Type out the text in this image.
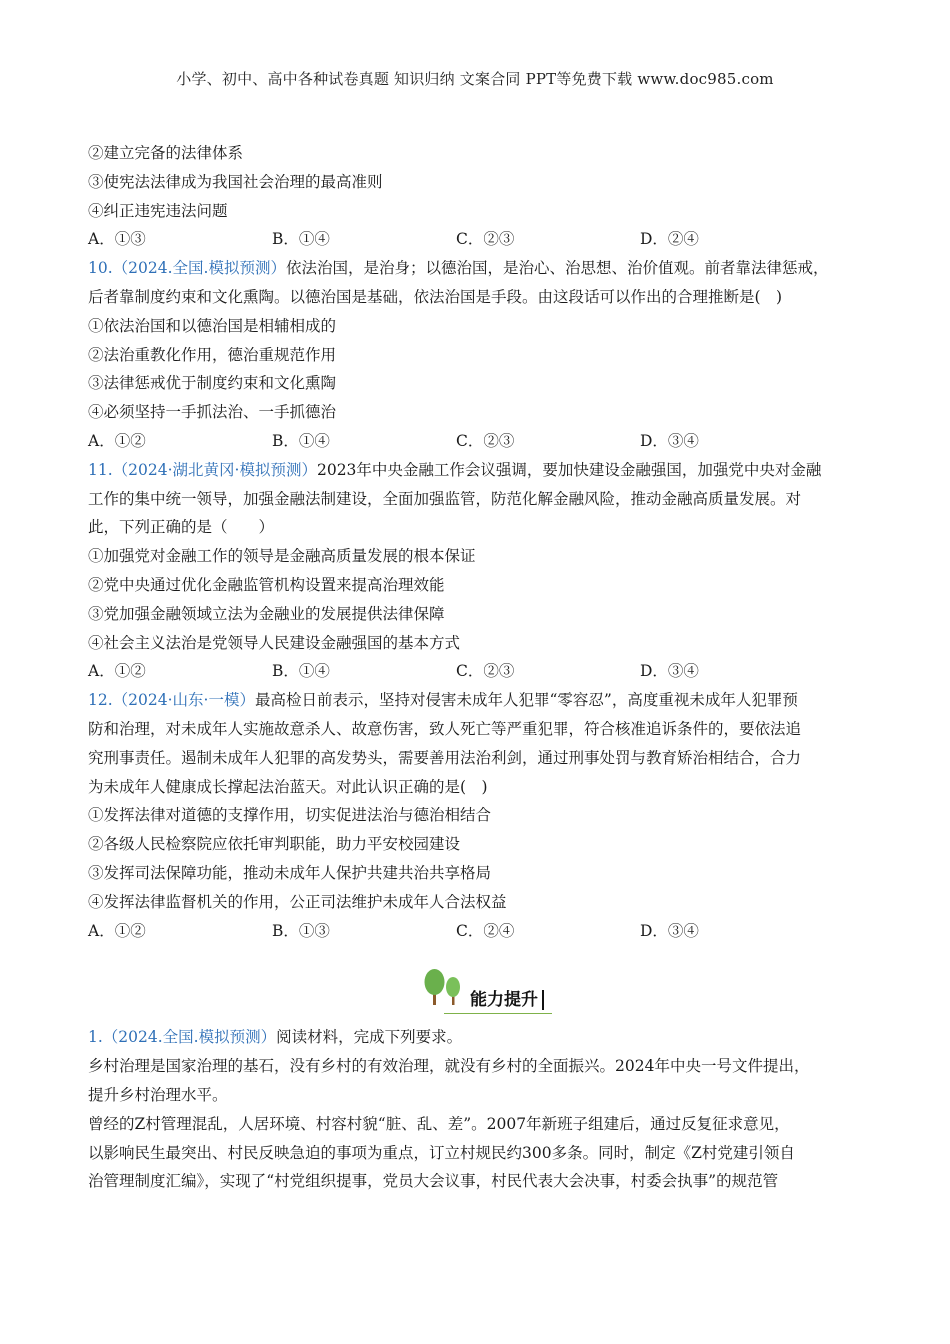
小学、初中、高中各种试卷真题 知识归纳 文案合同 PPT等免费下载 www.doc985.com
②建立完备的法律体系
③使宪法法律成为我国社会治理的最高准则
④纠正违宪违法问题
A．①③	B．①④	C．②③	D．②④
10.（2024.全国.模拟预测）依法治国，是治身；以德治国，是治心、治思想、治价值观。前者靠法律惩戒，
后者靠制度约束和文化熏陶。以德治国是基础，依法治国是手段。由这段话可以作出的合理推断是(　)
①依法治国和以德治国是相辅相成的
②法治重教化作用，德治重规范作用
③法律惩戒优于制度约束和文化熏陶
④必须坚持一手抓法治、一手抓德治
A．①②	B．①④	C．②③	D．③④
11.（2024·湖北黄冈·模拟预测）2023年中央金融工作会议强调，要加快建设金融强国，加强党中央对金融
工作的集中统一领导，加强金融法制建设，全面加强监管，防范化解金融风险，推动金融高质量发展。对
此，下列正确的是（　　）
①加强党对金融工作的领导是金融高质量发展的根本保证
②党中央通过优化金融监管机构设置来提高治理效能
③党加强金融领域立法为金融业的发展提供法律保障
④社会主义法治是党领导人民建设金融强国的基本方式
A．①②	B．①④	C．②③	D．③④
12.（2024·山东·一模）最高检日前表示，坚持对侵害未成年人犯罪“零容忍”，高度重视未成年人犯罪预
防和治理，对未成年人实施故意杀人、故意伤害，致人死亡等严重犯罪，符合核准追诉条件的，要依法追
究刑事责任。遏制未成年人犯罪的高发势头，需要善用法治利剑，通过刑事处罚与教育矫治相结合，合力
为未成年人健康成长撑起法治蓝天。对此认识正确的是(　)
①发挥法律对道德的支撑作用，切实促进法治与德治相结合
②各级人民检察院应依托审判职能，助力平安校园建设
③发挥司法保障功能，推动未成年人保护共建共治共享格局
④发挥法律监督机关的作用，公正司法维护未成年人合法权益
A．①②	B．①③	C．②④	D．③④
能力提升
1.（2024.全国.模拟预测）阅读材料，完成下列要求。
乡村治理是国家治理的基石，没有乡村的有效治理，就没有乡村的全面振兴。2024年中央一号文件提出，
提升乡村治理水平。
曾经的Z村管理混乱，人居环境、村容村貌“脏、乱、差”。2007年新班子组建后，通过反复征求意见，
以影响民生最突出、村民反映急迫的事项为重点，订立村规民约300多条。同时，制定《Z村党建引领自
治管理制度汇编》，实现了“村党组织提事，党员大会议事，村民代表大会决事，村委会执事”的规范管
